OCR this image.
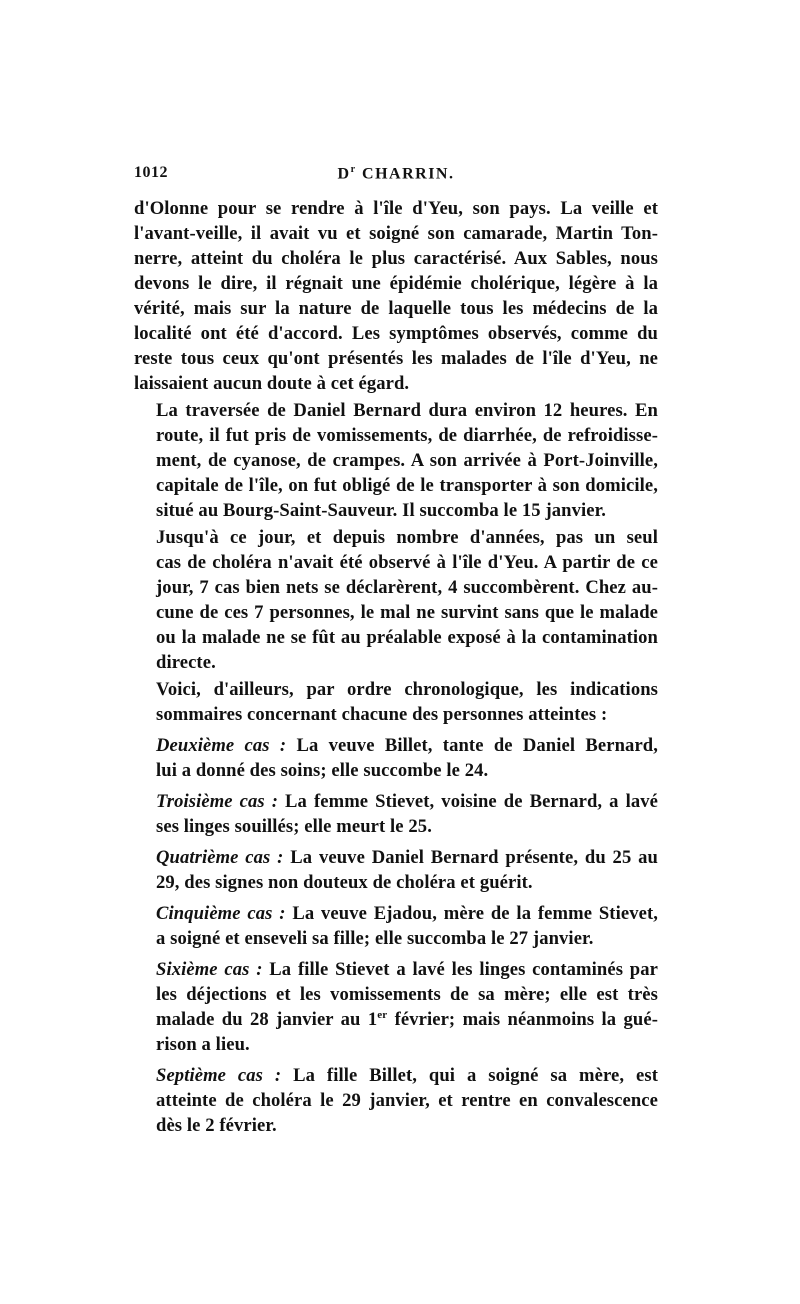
1012	$D^r$ CHARRIN.

d'Olonne pour se rendre à l'île d'Yeu, son pays. La veille et
l'avant-veille, il avait vu et soigné son camarade, Martin Ton-
nerre, atteint du choléra le plus caractérisé. Aux Sables, nous
devons le dire, il régnait une épidémie cholérique, légère à la
vérité, mais sur la nature de laquelle tous les médecins de la
localité ont été d'accord. Les symptômes observés, comme du
reste tous ceux qu'ont présentés les malades de l'île d'Yeu, ne
laissaient aucun doute à cet égard.

La traversée de Daniel Bernard dura environ 12 heures. En
route, il fut pris de vomissements, de diarrhée, de refroidisse-
ment, de cyanose, de crampes. A son arrivée à Port-Joinville,
capitale de l'île, on fut obligé de le transporter à son domicile,
situé au Bourg-Saint-Sauveur. Il succomba le 15 janvier.

Jusqu'à ce jour, et depuis nombre d'années, pas un seul
cas de choléra n'avait été observé à l'île d'Yeu. A partir de ce
jour, 7 cas bien nets se déclarèrent, 4 succombèrent. Chez au-
cune de ces 7 personnes, le mal ne survint sans que le malade
ou la malade ne se fût au préalable exposé à la contamination
directe.

Voici, d'ailleurs, par ordre chronologique, les indications
sommaires concernant chacune des personnes atteintes :

Deuxième cas : La veuve Billet, tante de Daniel Bernard,
lui a donné des soins; elle succombe le 24.

Troisième cas : La femme Stievet, voisine de Bernard, a lavé
ses linges souillés; elle meurt le 25.

Quatrième cas : La veuve Daniel Bernard présente, du 25 au
29, des signes non douteux de choléra et guérit.

Cinquième cas : La veuve Ejadou, mère de la femme Stievet,
a soigné et enseveli sa fille; elle succomba le 27 janvier.

Sixième cas : La fille Stievet a lavé les linges contaminés par
les déjections et les vomissements de sa mère; elle est très
malade du 28 janvier au 1er février; mais néanmoins la gué-
rison a lieu.

Septième cas : La fille Billet, qui a soigné sa mère, est
atteinte de choléra le 29 janvier, et rentre en convalescence
dès le 2 février.
